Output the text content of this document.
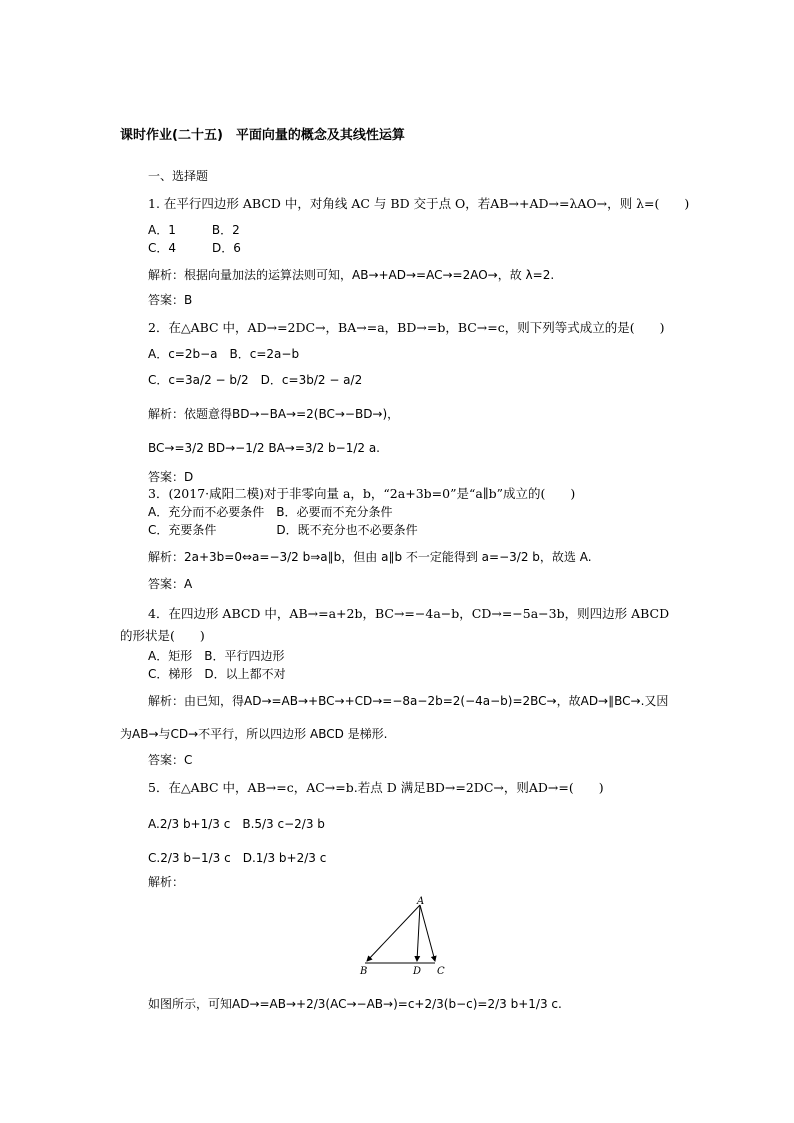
课时作业(二十五)　平面向量的概念及其线性运算
一、选择题
1. 在平行四边形 ABCD 中，对角线 AC 与 BD 交于点 O，若AB→+AD→=λAO→，则 λ=(　　)
A．1　　　B．2
C．4　　　D．6
解析：根据向量加法的运算法则可知，AB→+AD→=AC→=2AO→，故 λ=2.
答案：B
2．在△ABC 中，AD→=2DC→，BA→=a，BD→=b，BC→=c，则下列等式成立的是(　　)
A．c=2b−a　B．c=2a−b
C．c=3a/2 − b/2　D．c=3b/2 − a/2
解析：依题意得BD→−BA→=2(BC→−BD→)，
BC→=3/2 BD→−1/2 BA→=3/2 b−1/2 a.
答案：D
3．(2017·咸阳二模)对于非零向量 a，b，“2a+3b=0”是“a∥b”成立的(　　)
A．充分而不必要条件　B．必要而不充分条件
C．充要条件　　　　　D．既不充分也不必要条件
解析：2a+3b=0⇔a=−3/2 b⇒a∥b，但由 a∥b 不一定能得到 a=−3/2 b，故选 A.
答案：A
4．在四边形 ABCD 中，AB→=a+2b，BC→=−4a−b，CD→=−5a−3b，则四边形 ABCD
的形状是(　　)
A．矩形　B．平行四边形
C．梯形　D．以上都不对
解析：由已知，得AD→=AB→+BC→+CD→=−8a−2b=2(−4a−b)=2BC→，故AD→∥BC→.又因
为AB→与CD→不平行，所以四边形 ABCD 是梯形.
答案：C
5．在△ABC 中，AB→=c，AC→=b.若点 D 满足BD→=2DC→，则AD→=(　　)
A.2/3 b+1/3 c　B.5/3 c−2/3 b
C.2/3 b−1/3 c　D.1/3 b+2/3 c
解析：
A
B	D C
如图所示，可知AD→=AB→+2/3(AC→−AB→)=c+2/3(b−c)=2/3 b+1/3 c.
